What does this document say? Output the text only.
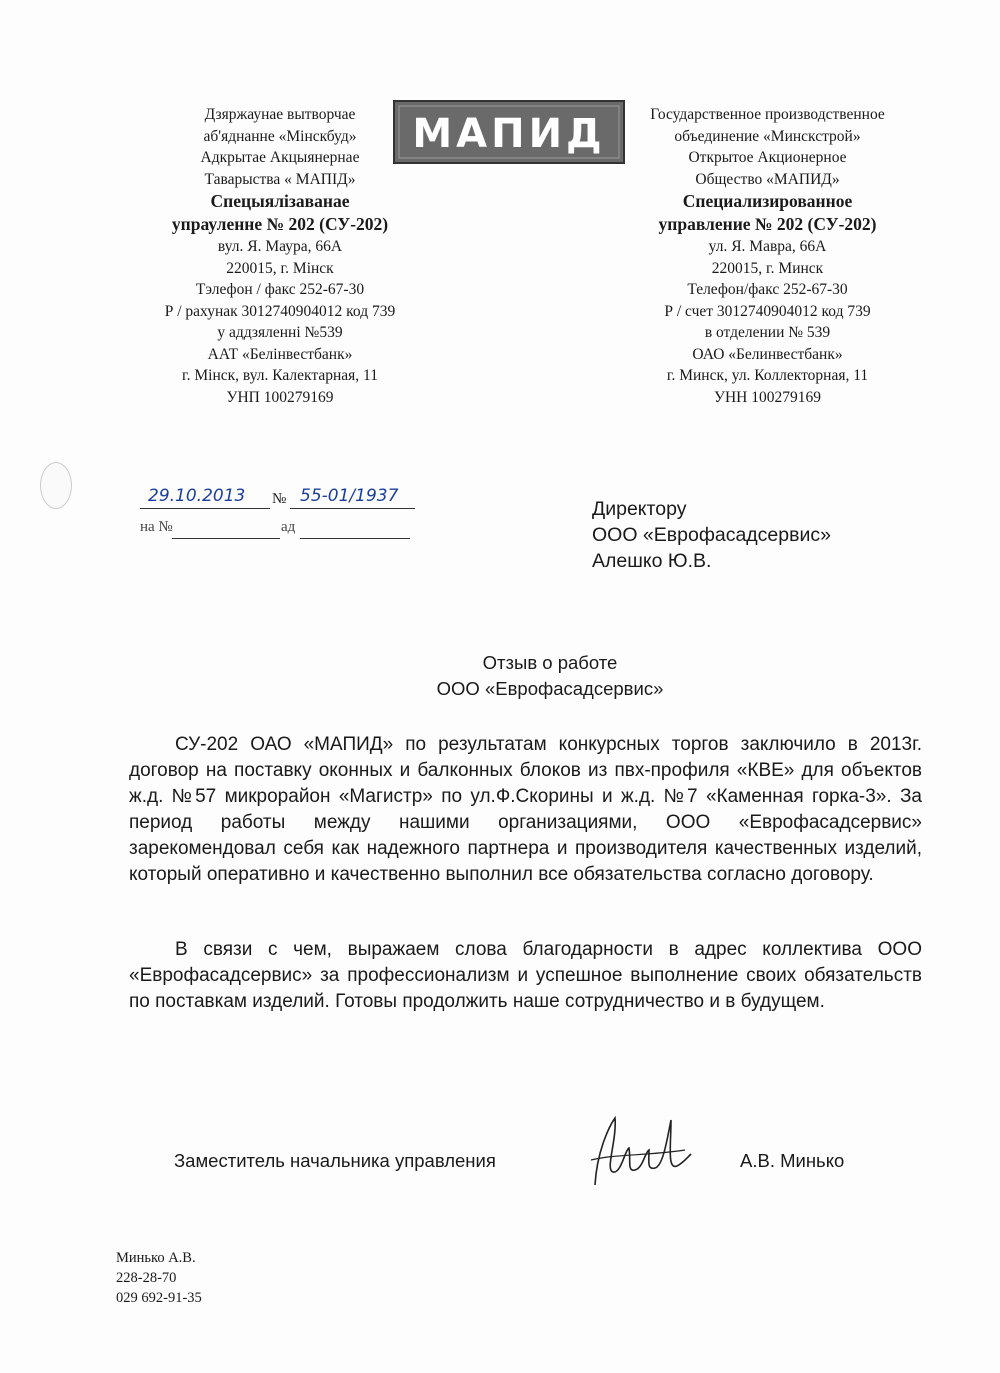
Дзяржаунае вытворчае
аб'яднанне «Мінскбуд»
Адкрытае Акцыянернае
Таварыства « МАПІД»
Спецыялізаванае
упрауленне № 202 (СУ-202)
вул. Я. Маура, 66А
220015, г. Мінск
Тэлефон / факс 252-67-30
Р / рахунак 3012740904012 код 739
у аддзяленні №539
ААТ «Белінвестбанк»
г. Мінск, вул. Калектарная, 11
УНП 100279169
МАПИД	Государственное производственное
объединение «Минскстрой»
Открытое Акционерное
Общество «МАПИД»
Специализированное
управление № 202 (СУ-202)
ул. Я. Мавра, 66А
220015, г. Минск
Телефон/факс 252-67-30
Р / счет 3012740904012 код 739
в отделении № 539
ОАО «Белинвестбанк»
г. Минск, ул. Коллекторная, 11
УНН 100279169
29.10.2013 № 55-01/1937
на №	ад
Директору
ООО «Еврофасадсервис»
Алешко Ю.В.
Отзыв о работе
ООО «Еврофасадсервис»

СУ-202 ОАО «МАПИД» по результатам конкурсных торгов заключило в 2013г. договор на поставку оконных и балконных блоков из пвх-профиля «КВЕ» для объектов ж.д. №57 микрорайон «Магистр» по ул.Ф.Скорины и ж.д. №7 «Каменная горка-3». За период работы между нашими организациями, ООО «Еврофасадсервис» зарекомендовал себя как надежного партнера и производителя качественных изделий, который оперативно и качественно выполнил все обязательства согласно договору.

В связи с чем, выражаем слова благодарности в адрес коллектива ООО «Еврофасадсервис» за профессионализм и успешное выполнение своих обязательств по поставкам изделий. Готовы продолжить наше сотрудничество и в будущем.

Заместитель начальника управления	А.В. Минько
Минько А.В.
228-28-70
029 692-91-35
